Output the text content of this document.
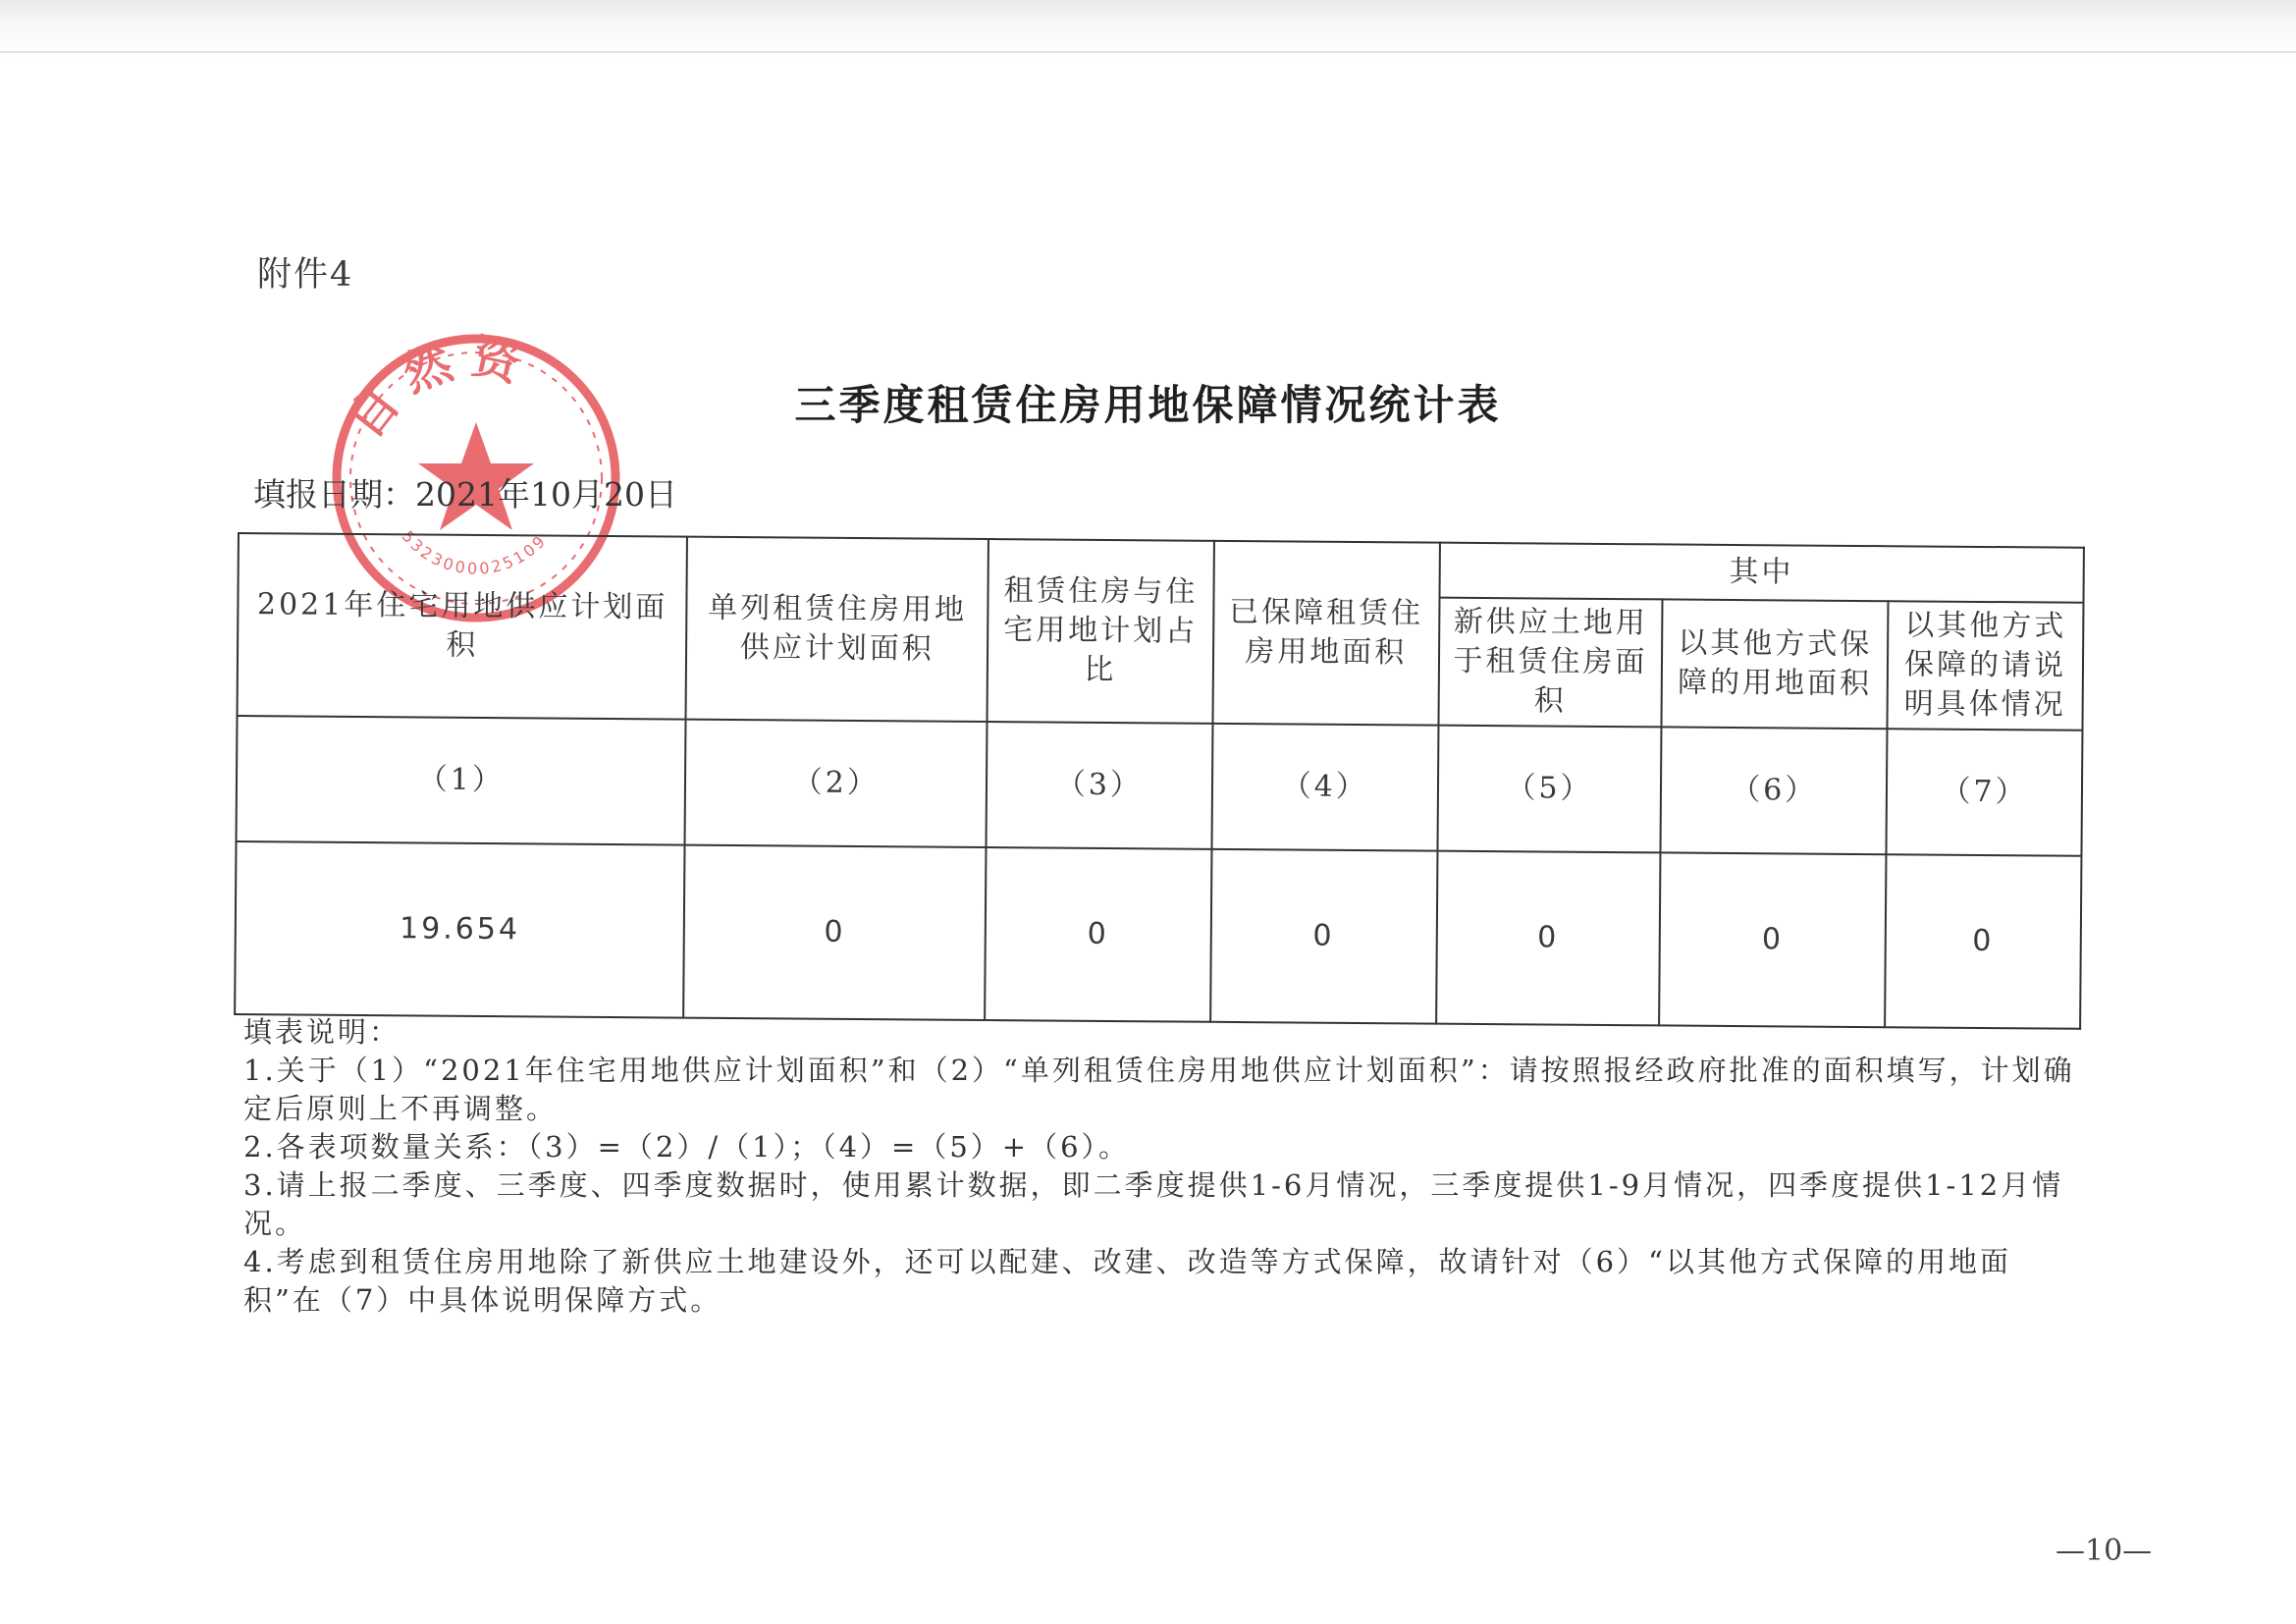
附件4
自然资
5323000025109
三季度租赁住房用地保障情况统计表
填报日期：2021年10月20日
2021年住宅用地供应计划面积	单列租赁住房用地供应计划面积	租赁住房与住宅用地计划占比	已保障租赁住房用地面积	其中		
				新供应土地用于租赁住房面积	以其他方式保障的用地面积	以其他方式保障的请说明具体情况
（1）	（2）	（3）	（4）	（5）	（6）	（7）
19.654	0	0	0	0	0	0
填表说明：
1.关于（1）“2021年住宅用地供应计划面积”和（2）“单列租赁住房用地供应计划面积”：请按照报经政府批准的面积填写，计划确定后原则上不再调整。
2.各表项数量关系：（3）=（2）/（1）；（4）=（5）+（6）。
3.请上报二季度、三季度、四季度数据时，使用累计数据，即二季度提供1-6月情况，三季度提供1-9月情况，四季度提供1-12月情况。
4.考虑到租赁住房用地除了新供应土地建设外，还可以配建、改建、改造等方式保障，故请针对（6）“以其他方式保障的用地面积”在（7）中具体说明保障方式。
—10—
